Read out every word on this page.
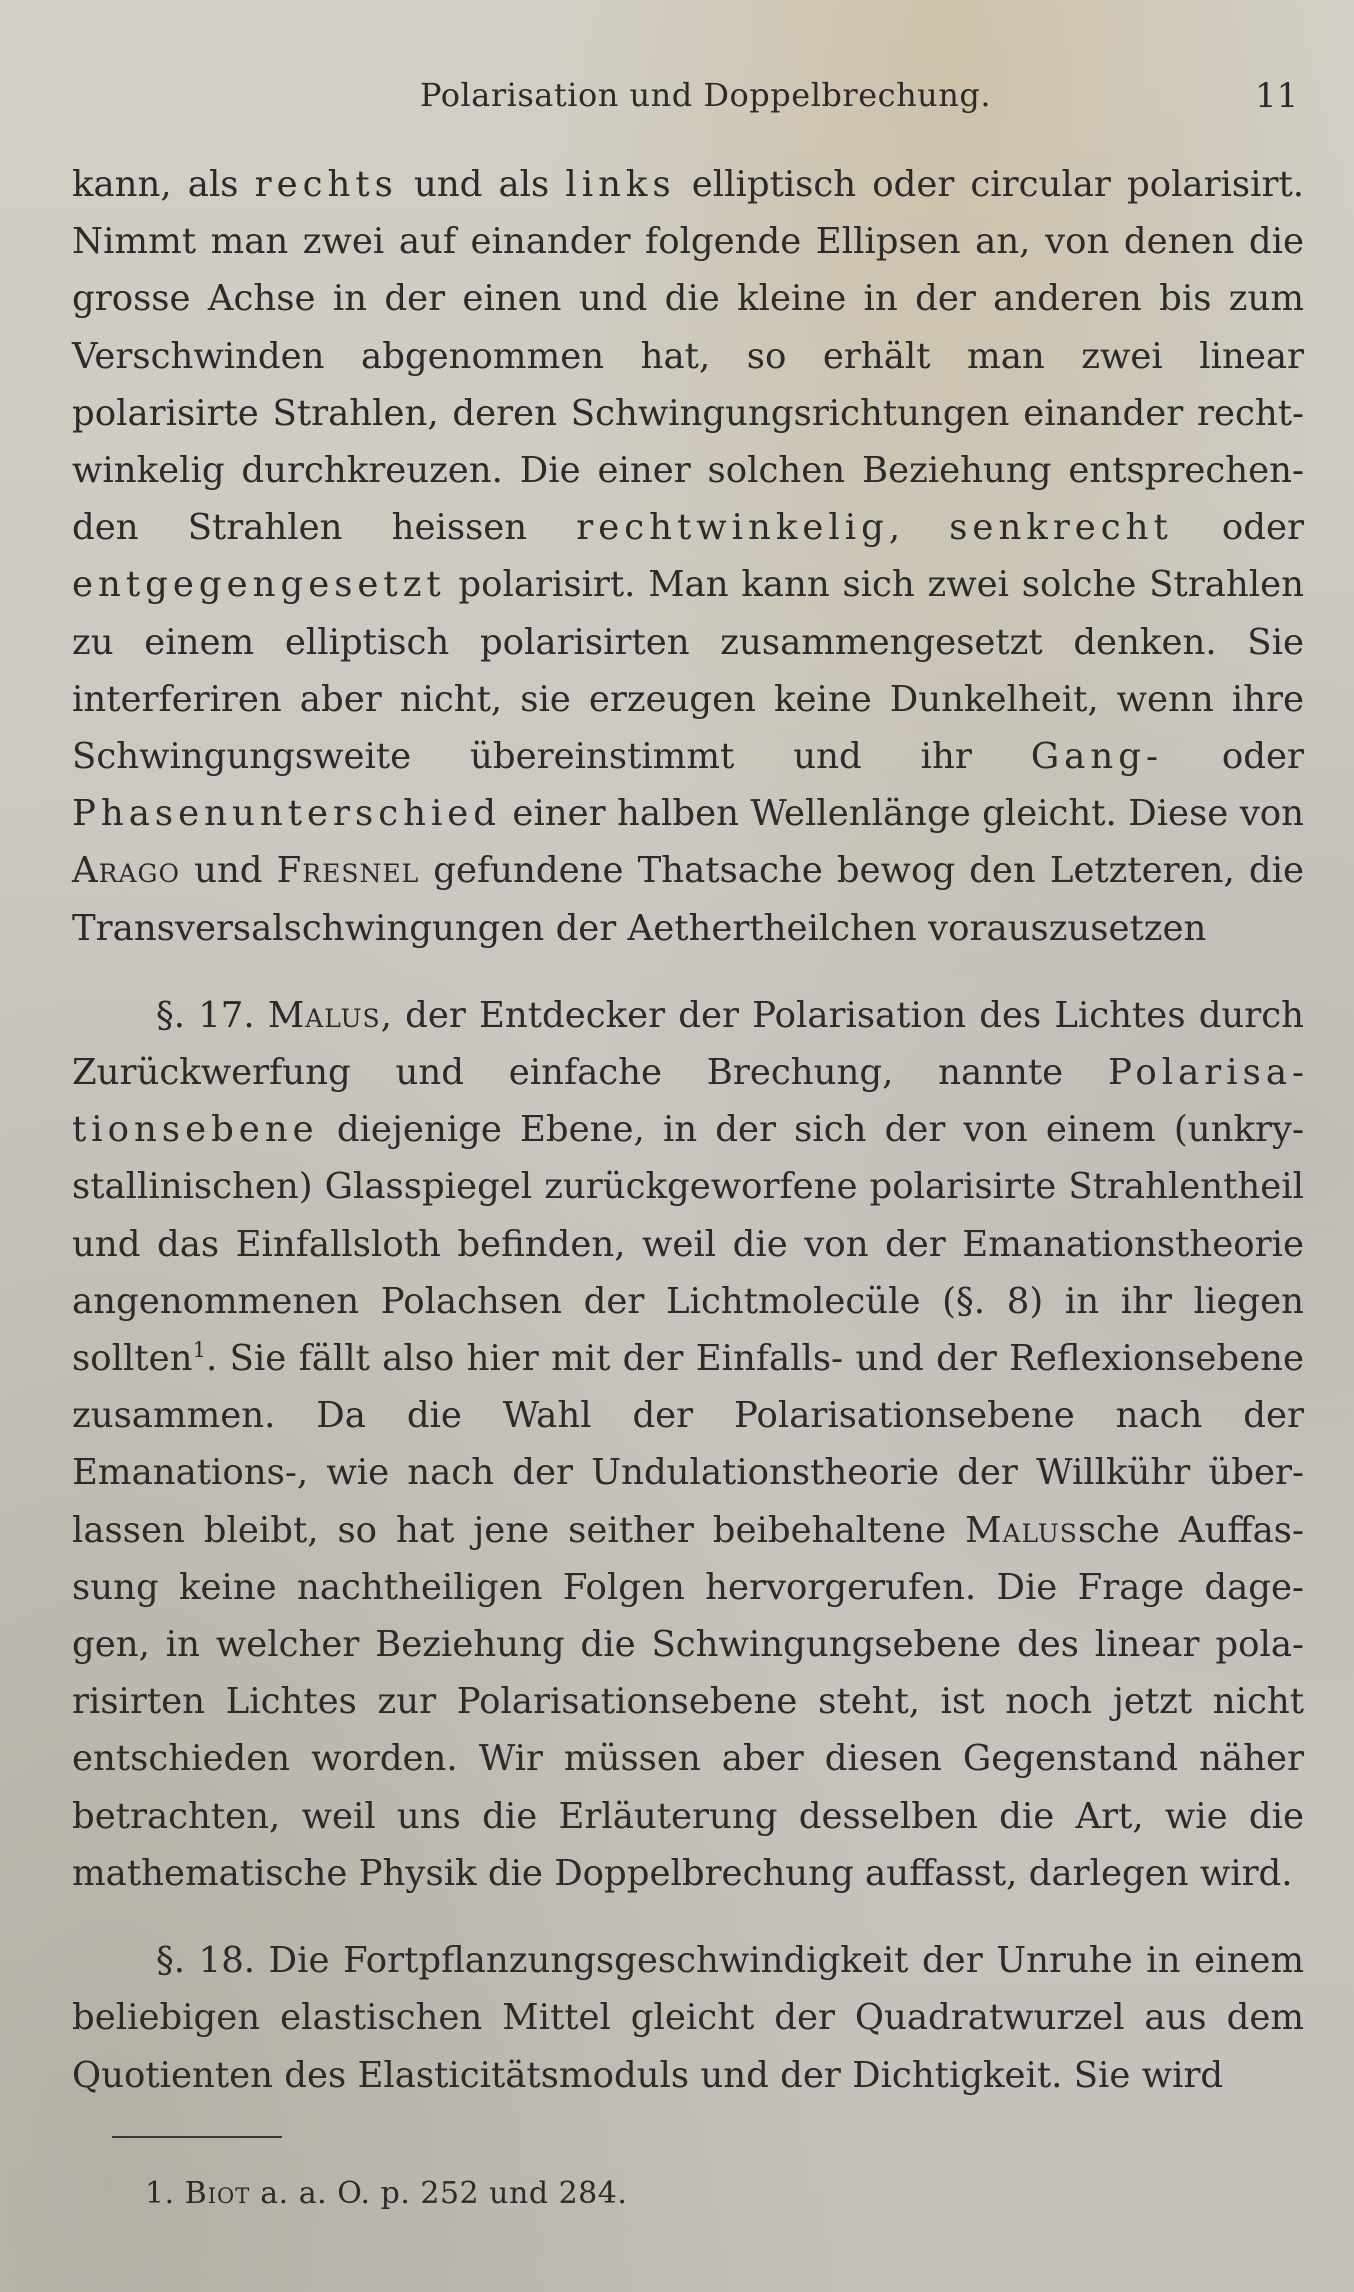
Polarisation und Doppelbrechung.	11

kann, als rechts und als links elliptisch oder circular polarisirt. Nimmt man zwei auf einander folgende Ellipsen an, von denen die grosse Achse in der einen und die kleine in der anderen bis zum Verschwinden abgenommen hat, so erhält man zwei linear polarisirte Strahlen, deren Schwingungsrichtungen einander rechtwinkelig durchkreuzen. Die einer solchen Beziehung entsprechenden Strahlen heissen rechtwinkelig, senkrecht oder entgegengesetzt polarisirt. Man kann sich zwei solche Strahlen zu einem elliptisch polarisirten zusammengesetzt denken. Sie interferiren aber nicht, sie erzeugen keine Dunkelheit, wenn ihre Schwingungsweite übereinstimmt und ihr Gang- oder Phasenunterschied einer halben Wellenlänge gleicht. Diese von Arago und Fresnel gefundene Thatsache bewog den Letzteren, die Transversalschwingungen der Aethertheilchen vorauszusetzen

§. 17. Malus, der Entdecker der Polarisation des Lichtes durch Zurückwerfung und einfache Brechung, nannte Polarisationsebene diejenige Ebene, in der sich der von einem (unkrystallinischen) Glasspiegel zurückgeworfene polarisirte Strahlentheil und das Einfallsloth befinden, weil die von der Emanationstheorie angenommenen Polachsen der Lichtmolecüle (§. 8) in ihr liegen sollten$^1$. Sie fällt also hier mit der Einfalls- und der Reflexionsebene zusammen. Da die Wahl der Polarisationsebene nach der Emanations-, wie nach der Undulationstheorie der Willkühr überlassen bleibt, so hat jene seither beibehaltene Malussche Auffassung keine nachtheiligen Folgen hervorgerufen. Die Frage dagegen, in welcher Beziehung die Schwingungsebene des linear polarisirten Lichtes zur Polarisationsebene steht, ist noch jetzt nicht entschieden worden. Wir müssen aber diesen Gegenstand näher betrachten, weil uns die Erläuterung desselben die Art, wie die mathematische Physik die Doppelbrechung auffasst, darlegen wird.

§. 18. Die Fortpflanzungsgeschwindigkeit der Unruhe in einem beliebigen elastischen Mittel gleicht der Quadratwurzel aus dem Quotienten des Elasticitätsmoduls und der Dichtigkeit. Sie wird

1. Biot a. a. O. p. 252 und 284.
